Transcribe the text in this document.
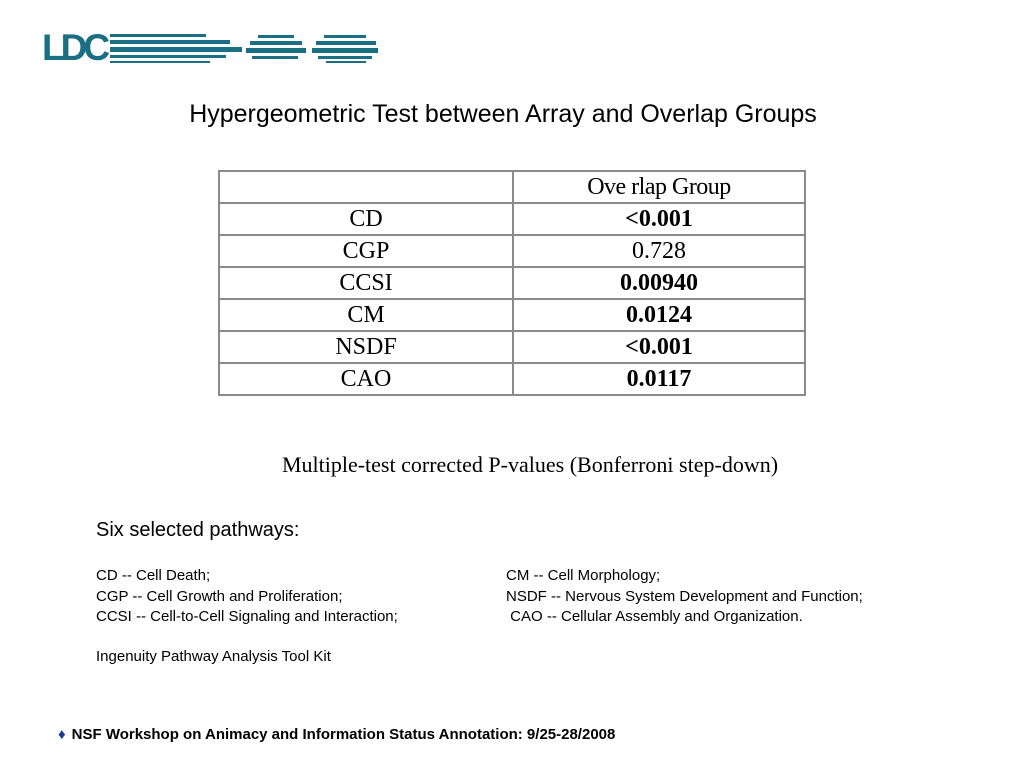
LDC
Hypergeometric Test between Array and Overlap Groups
	Ove rlap Group
CD	<0.001
CGP	0.728
CCSI	0.00940
CM	0.0124
NSDF	<0.001
CAO	0.0117
Multiple-test corrected P-values (Bonferroni step-down)
Six selected pathways:
CD -- Cell Death;
CGP -- Cell Growth and Proliferation;
CCSI -- Cell-to-Cell Signaling and Interaction;
CM -- Cell Morphology;
NSDF -- Nervous System Development and Function;
CAO -- Cellular Assembly and Organization.
Ingenuity Pathway Analysis Tool Kit
♦ NSF Workshop on Animacy and Information Status Annotation: 9/25-28/2008
